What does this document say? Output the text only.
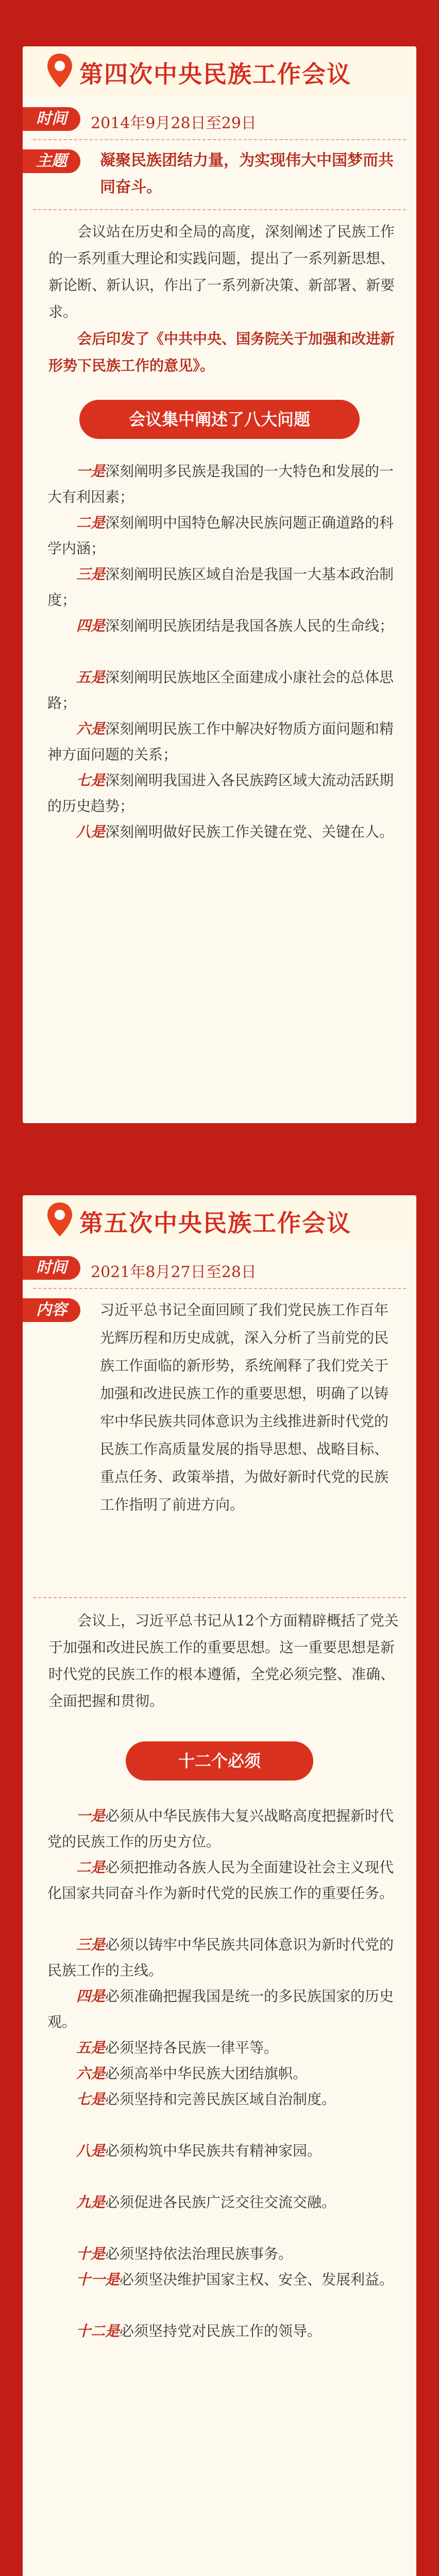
第四次中央民族工作会议
时间	2014年9月28日至29日
主题	凝聚民族团结力量，为实现伟大中国梦而共同奋斗。
会议站在历史和全局的高度，深刻阐述了民族工作的一系列重大理论和实践问题，提出了一系列新思想、新论断、新认识，作出了一系列新决策、新部署、新要求。
会后印发了《中共中央、国务院关于加强和改进新形势下民族工作的意见》。
会议集中阐述了八大问题
一是深刻阐明多民族是我国的一大特色和发展的一大有利因素；
二是深刻阐明中国特色解决民族问题正确道路的科学内涵；
三是深刻阐明民族区域自治是我国一大基本政治制度；
四是深刻阐明民族团结是我国各族人民的生命线；
五是深刻阐明民族地区全面建成小康社会的总体思路；
六是深刻阐明民族工作中解决好物质方面问题和精神方面问题的关系；
七是深刻阐明我国进入各民族跨区域大流动活跃期的历史趋势；
八是深刻阐明做好民族工作关键在党、关键在人。
第五次中央民族工作会议
时间	2021年8月27日至28日
内容	习近平总书记全面回顾了我们党民族工作百年光辉历程和历史成就，深入分析了当前党的民族工作面临的新形势，系统阐释了我们党关于加强和改进民族工作的重要思想，明确了以铸牢中华民族共同体意识为主线推进新时代党的民族工作高质量发展的指导思想、战略目标、重点任务、政策举措，为做好新时代党的民族工作指明了前进方向。
会议上，习近平总书记从12个方面精辟概括了党关于加强和改进民族工作的重要思想。这一重要思想是新时代党的民族工作的根本遵循，全党必须完整、准确、全面把握和贯彻。
十二个必须
一是必须从中华民族伟大复兴战略高度把握新时代党的民族工作的历史方位。
二是必须把推动各族人民为全面建设社会主义现代化国家共同奋斗作为新时代党的民族工作的重要任务。
三是必须以铸牢中华民族共同体意识为新时代党的民族工作的主线。
四是必须准确把握我国是统一的多民族国家的历史观。
五是必须坚持各民族一律平等。
六是必须高举中华民族大团结旗帜。
七是必须坚持和完善民族区域自治制度。
八是必须构筑中华民族共有精神家园。
九是必须促进各民族广泛交往交流交融。
十是必须坚持依法治理民族事务。
十一是必须坚决维护国家主权、安全、发展利益。
十二是必须坚持党对民族工作的领导。
